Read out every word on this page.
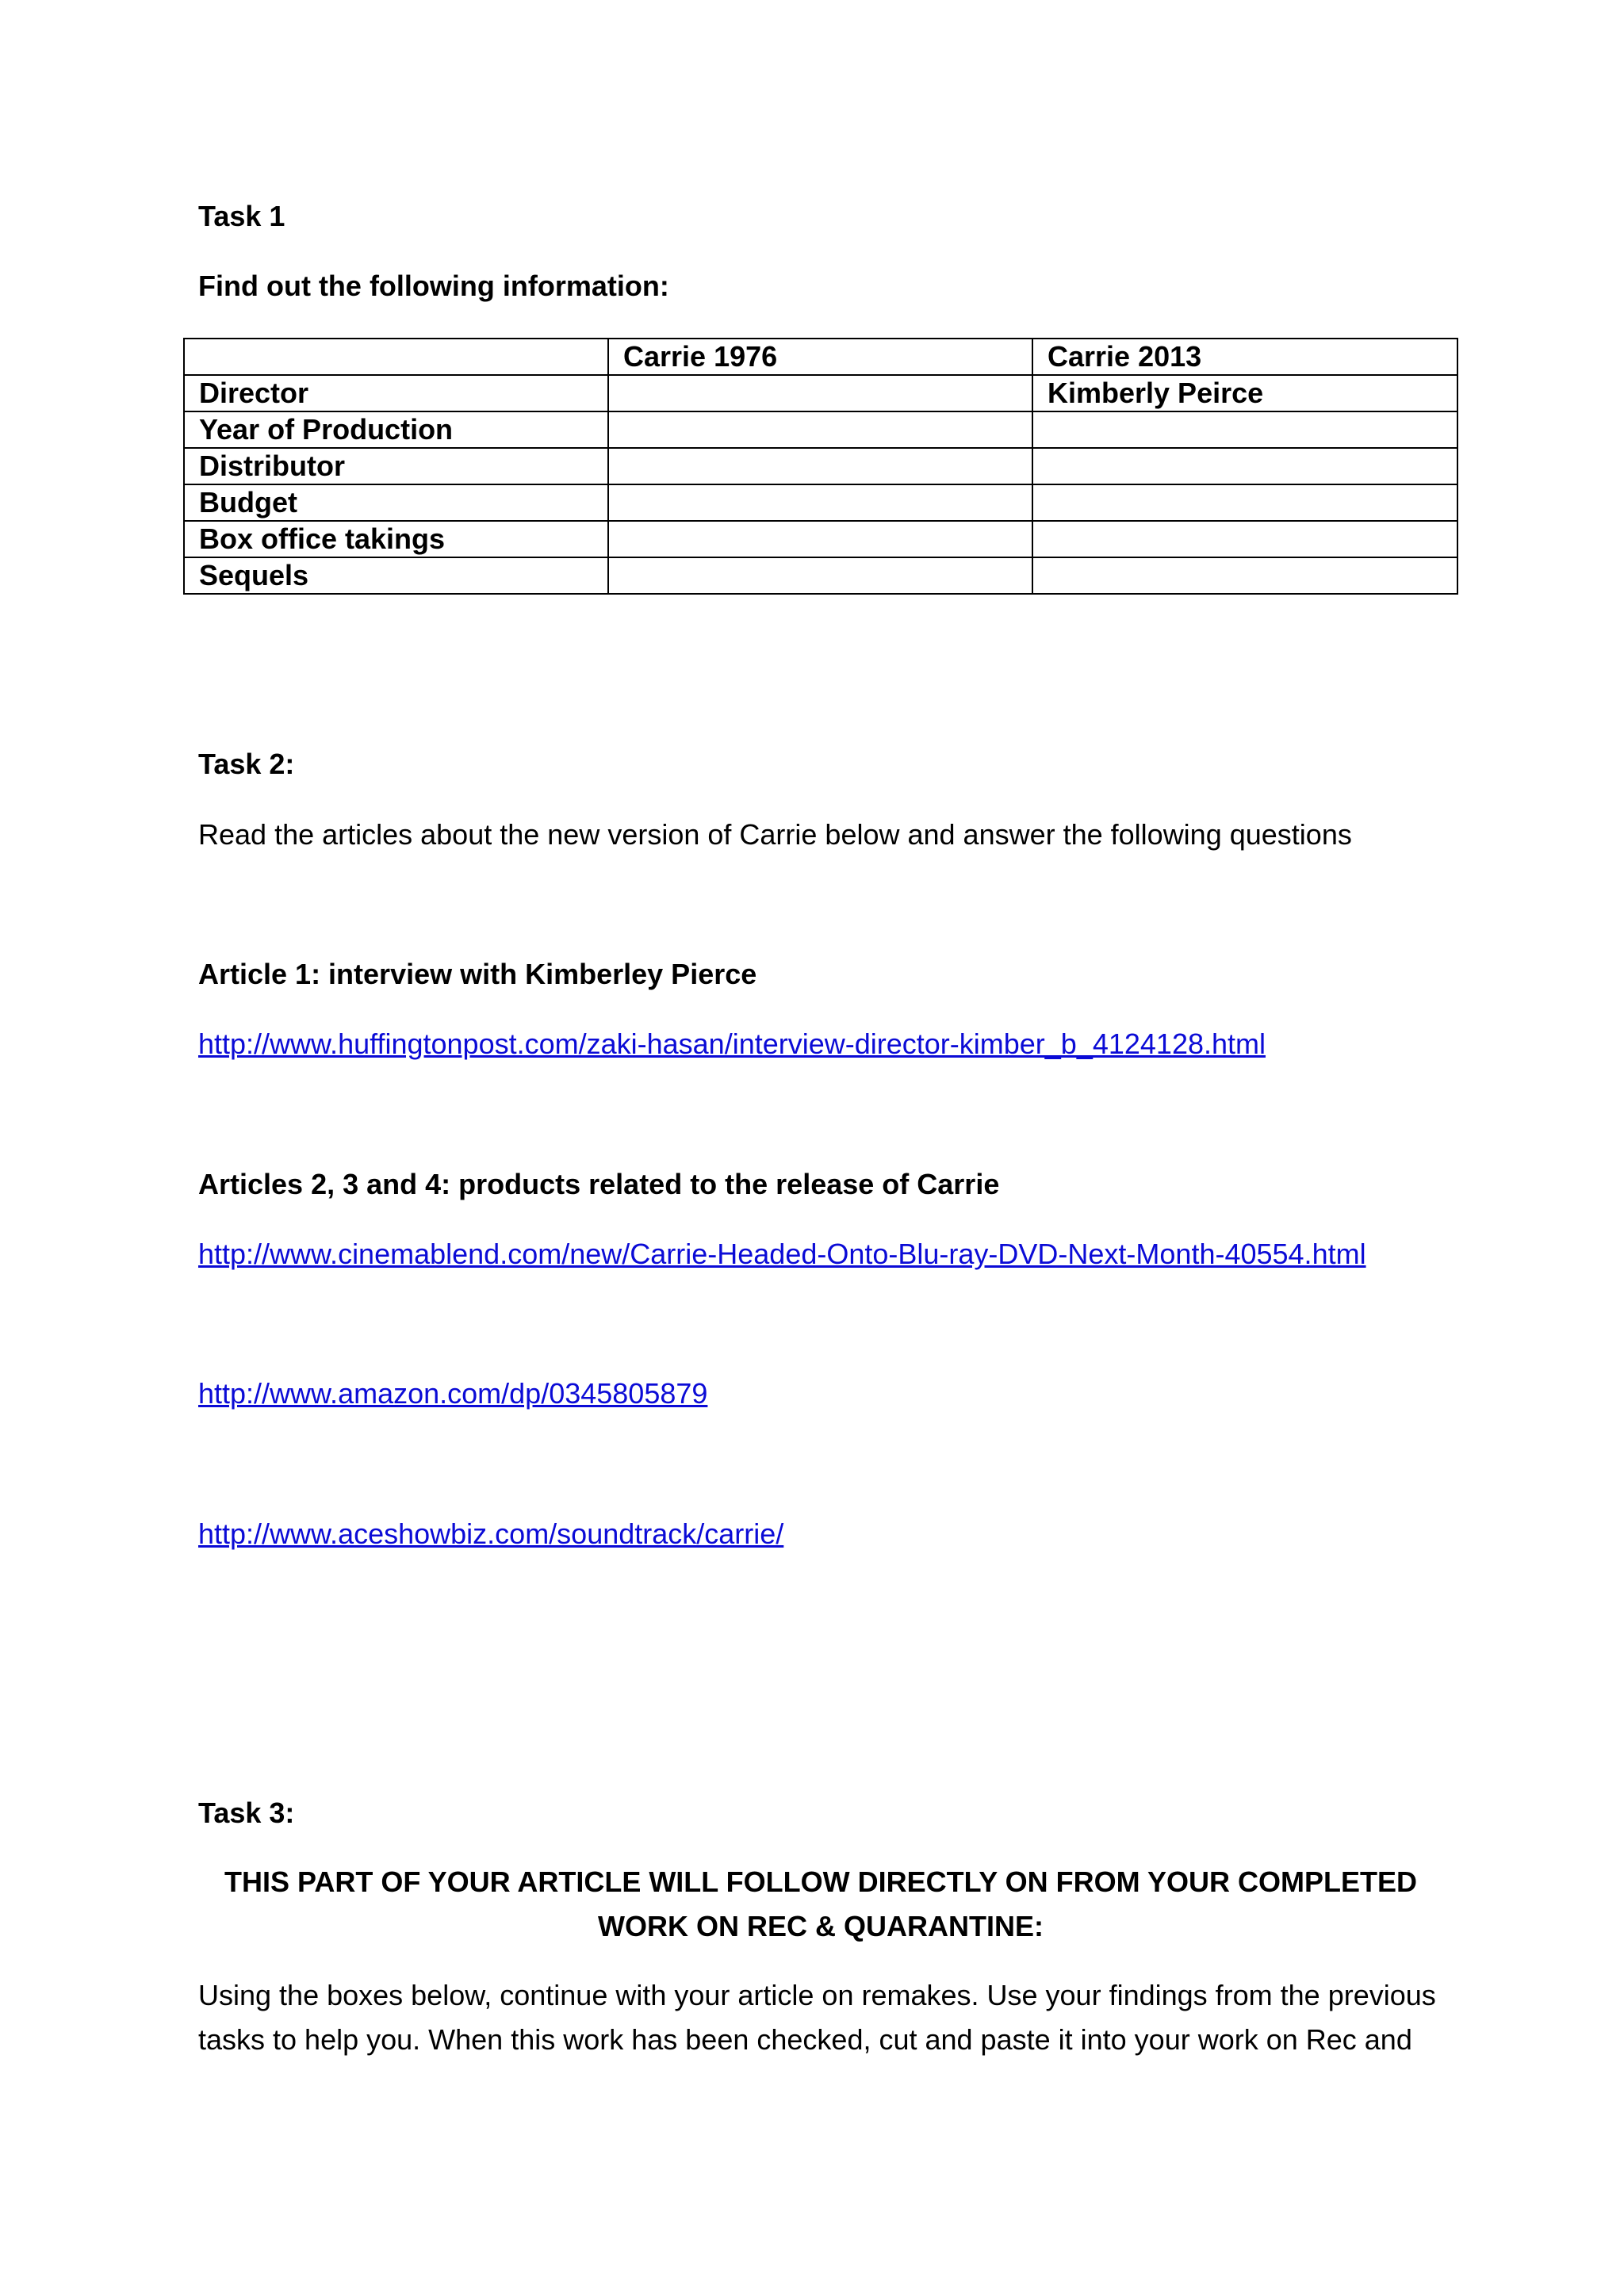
Task 1
Find out the following information:
	Carrie 1976	Carrie 2013
Director		Kimberly Peirce
Year of Production		
Distributor		
Budget		
Box office takings		
Sequels		
Task 2:
Read the articles about the new version of Carrie below and answer the following questions
Article 1: interview with Kimberley Pierce
http://www.huffingtonpost.com/zaki-hasan/interview-director-kimber_b_4124128.html
Articles 2, 3 and 4: products related to the release of Carrie
http://www.cinemablend.com/new/Carrie-Headed-Onto-Blu-ray-DVD-Next-Month-40554.html
http://www.amazon.com/dp/0345805879
http://www.aceshowbiz.com/soundtrack/carrie/
Task 3:
THIS PART OF YOUR ARTICLE WILL FOLLOW DIRECTLY ON FROM YOUR COMPLETED WORK ON REC & QUARANTINE:
Using the boxes below, continue with your article on remakes. Use your findings from the previous tasks to help you. When this work has been checked, cut and paste it into your work on Rec and
